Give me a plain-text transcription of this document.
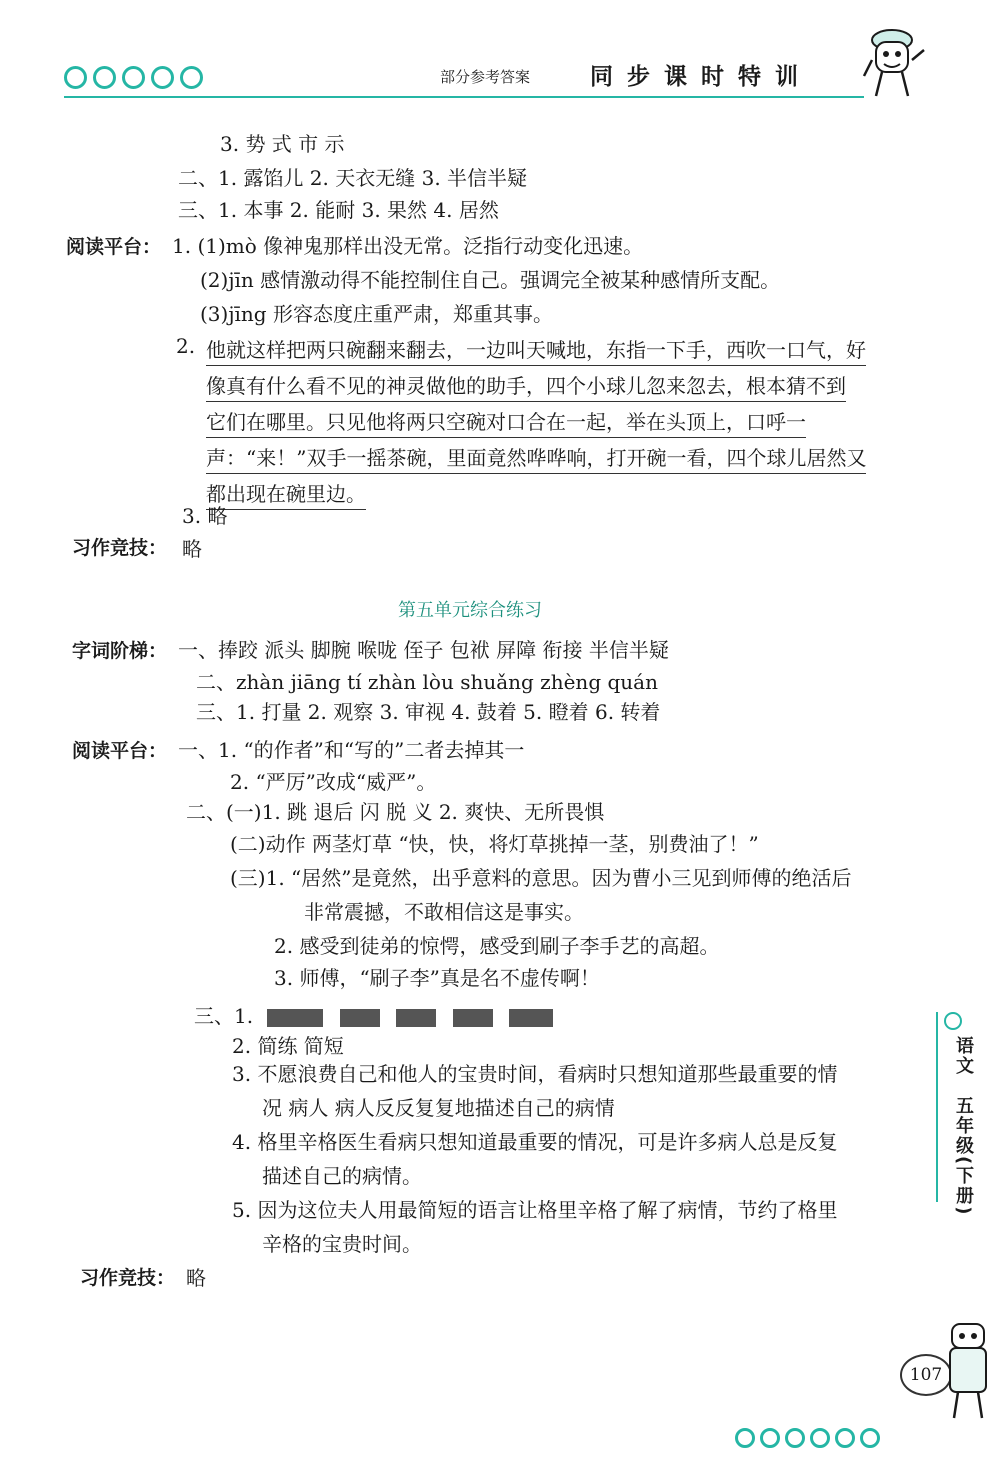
部分参考答案	同步课时特训
3. 势 式 市 示
二、1. 露馅儿 2. 天衣无缝 3. 半信半疑
三、1. 本事 2. 能耐 3. 果然 4. 居然
阅读平台： 1. (1)mò 像神鬼那样出没无常。泛指行动变化迅速。
(2)jīn 感情激动得不能控制住自己。强调完全被某种感情所支配。
(3)jīng 形容态度庄重严肃，郑重其事。
2. 他就这样把两只碗翻来翻去，一边叫天喊地，东指一下手，西吹一口气，好
像真有什么看不见的神灵做他的助手，四个小球儿忽来忽去，根本猜不到
它们在哪里。只见他将两只空碗对口合在一起，举在头顶上，口呼一
声：“来！”双手一摇茶碗，里面竟然哗哗响，打开碗一看，四个球儿居然又
都出现在碗里边。
3. 略
习作竞技： 略
第五单元综合练习
字词阶梯： 一、捧跤 派头 脚腕 喉咙 侄子 包袱 屏障 衔接 半信半疑
二、zhàn jiāng tí zhàn lòu shuǎng zhèng quán
三、1. 打量 2. 观察 3. 审视 4. 鼓着 5. 瞪着 6. 转着
阅读平台： 一、1. “的作者”和“写的”二者去掉其一
2. “严厉”改成“威严”。
二、(一)1. 跳 退后 闪 脱 义 2. 爽快、无所畏惧
(二)动作 两茎灯草 “快，快，将灯草挑掉一茎，别费油了！”
(三)1. “居然”是竟然，出乎意料的意思。因为曹小三见到师傅的绝活后
非常震撼，不敢相信这是事实。
2. 感受到徒弟的惊愕，感受到刷子李手艺的高超。
3. 师傅，“刷子李”真是名不虚传啊！
三、1.
2. 简练 简短
3. 不愿浪费自己和他人的宝贵时间，看病时只想知道那些最重要的情
况 病人 病人反反复复地描述自己的病情
4. 格里辛格医生看病只想知道最重要的情况，可是许多病人总是反复
描述自己的病情。
5. 因为这位夫人用最简短的语言让格里辛格了解了病情，节约了格里
辛格的宝贵时间。
习作竞技： 略
语文
五年级(下册)
107
